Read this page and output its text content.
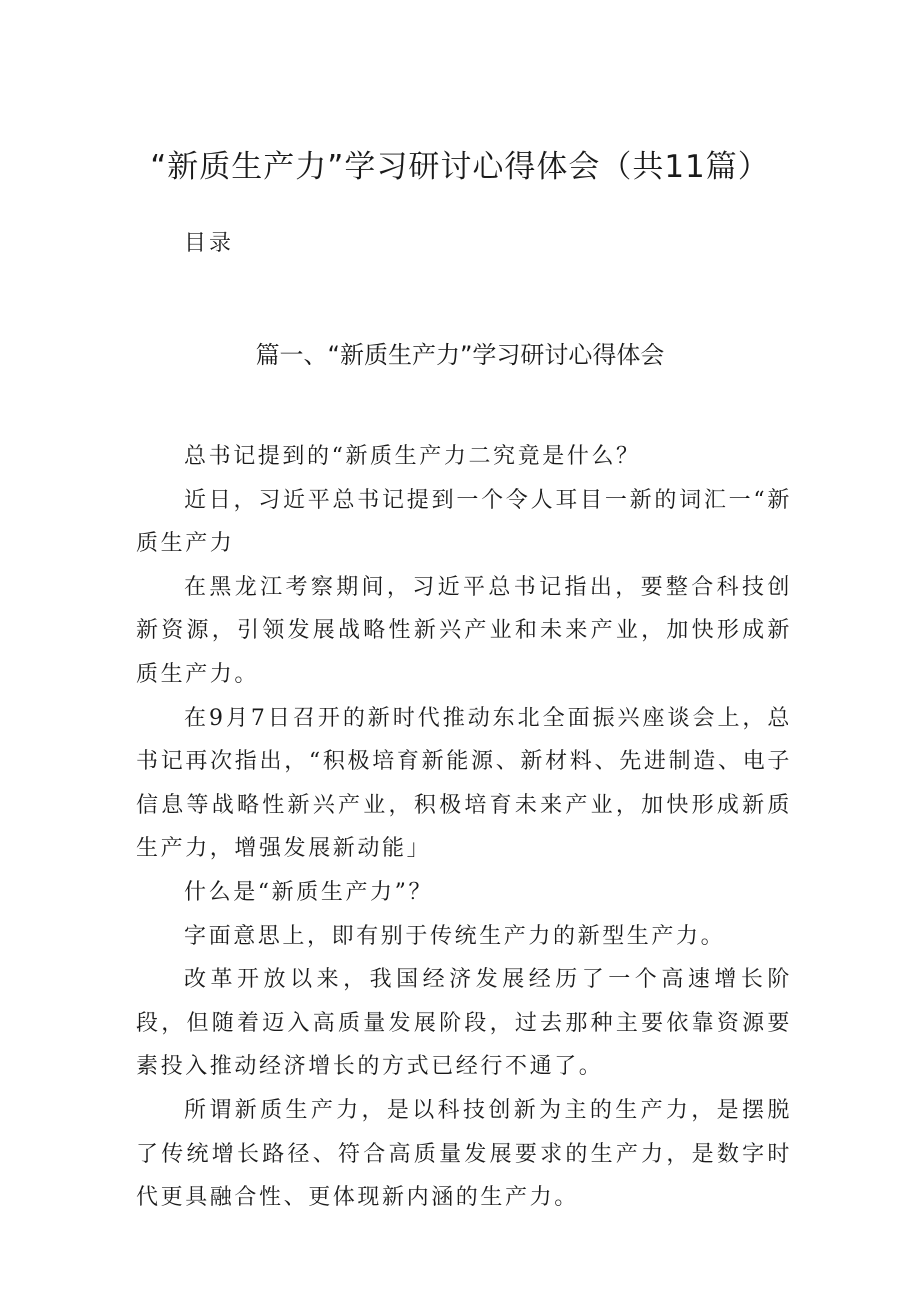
“新质生产力”学习研讨心得体会（共11篇）
目录
篇一、“新质生产力”学习研讨心得体会

总书记提到的“新质生产力二究竟是什么？

近日，习近平总书记提到一个令人耳目一新的词汇一“新质生产力

在黑龙江考察期间，习近平总书记指出，要整合科技创新资源，引领发展战略性新兴产业和未来产业，加快形成新质生产力。

在9月7日召开的新时代推动东北全面振兴座谈会上，总书记再次指出，“积极培育新能源、新材料、先进制造、电子信息等战略性新兴产业，积极培育未来产业，加快形成新质生产力，增强发展新动能」

什么是“新质生产力”？

字面意思上，即有别于传统生产力的新型生产力。

改革开放以来，我国经济发展经历了一个高速增长阶段，但随着迈入高质量发展阶段，过去那种主要依靠资源要素投入推动经济增长的方式已经行不通了。

所谓新质生产力，是以科技创新为主的生产力，是摆脱了传统增长路径、符合高质量发展要求的生产力，是数字时代更具融合性、更体现新内涵的生产力。
